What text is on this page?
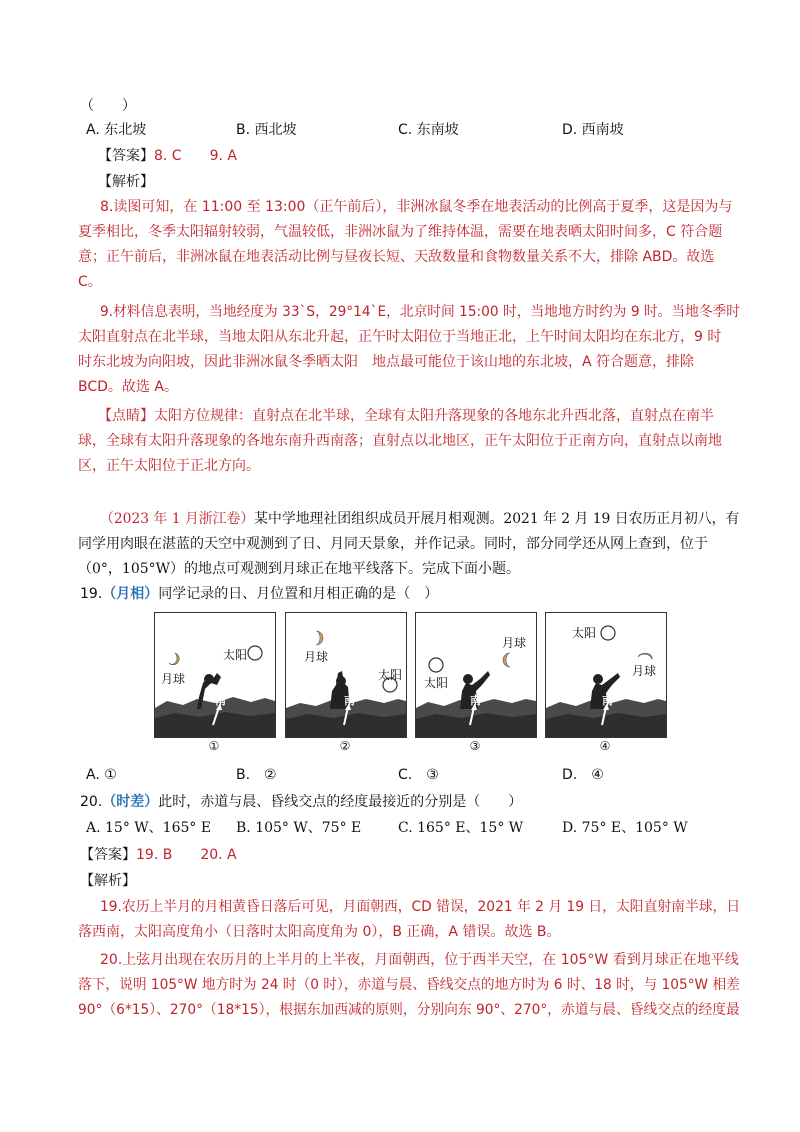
（　　）
A. 东北坡	B. 西北坡	C. 东南坡	D. 西南坡
【答案】8. C　　9. A
【解析】
8.读图可知，在 11:00 至 13:00（正午前后），非洲冰鼠冬季在地表活动的比例高于夏季，这是因为与
夏季相比，冬季太阳辐射较弱，气温较低，非洲冰鼠为了维持体温，需要在地表晒太阳时间多，C 符合题
意；正午前后，非洲冰鼠在地表活动比例与昼夜长短、天敌数量和食物数量关系不大，排除 ABD。故选
C。
9.材料信息表明，当地经度为 33`S，29°14`E，北京时间 15:00 时，当地地方时约为 9 时。当地冬季时
太阳直射点在北半球，当地太阳从东北升起，正午时太阳位于当地正北，上午时间太阳均在东北方，9 时
时东北坡为向阳坡，因此非洲冰鼠冬季晒太阳　地点最可能位于该山地的东北坡，A 符合题意，排除
BCD。故选 A。
【点睛】太阳方位规律：直射点在北半球，全球有太阳升落现象的各地东北升西北落，直射点在南半
球，全球有太阳升落现象的各地东南升西南落；直射点以北地区，正午太阳位于正南方向，直射点以南地
区，正午太阳位于正北方向。
（2023 年 1 月浙江卷）某中学地理社团组织成员开展月相观测。2021 年 2 月 19 日农历正月初八，有
同学用肉眼在湛蓝的天空中观测到了日、月同天景象，并作记录。同时，部分同学还从网上查到，位于
（0°，105°W）的地点可观测到月球正在地平线落下。完成下面小题。
19.（月相）同学记录的日、月位置和月相正确的是（　）
太阳
月球
南
月球
太阳
南
月球
太阳
南
太阳
月球
南
①	②	③	④
A. ①	B.　②	C.　③	D.　④
20.（时差）此时，赤道与晨、昏线交点的经度最接近的分别是（　　）
A. 15° W、165° E B. 105° W、75° E	C. 165° E、15° W	D. 75° E、105° W
【答案】19. B　　20. A
【解析】
19.农历上半月的月相黄昏日落后可见，月面朝西，CD 错误，2021 年 2 月 19 日，太阳直射南半球，日
落西南，太阳高度角小（日落时太阳高度角为 0），B 正确，A 错误。故选 B。
20.上弦月出现在农历月的上半月的上半夜，月面朝西，位于西半天空，在 105°W 看到月球正在地平线
落下，说明 105°W 地方时为 24 时（0 时），赤道与晨、昏线交点的地方时为 6 时、18 时，与 105°W 相差
90°（6*15）、270°（18*15），根据东加西减的原则，分别向东 90°、270°，赤道与晨、昏线交点的经度最
